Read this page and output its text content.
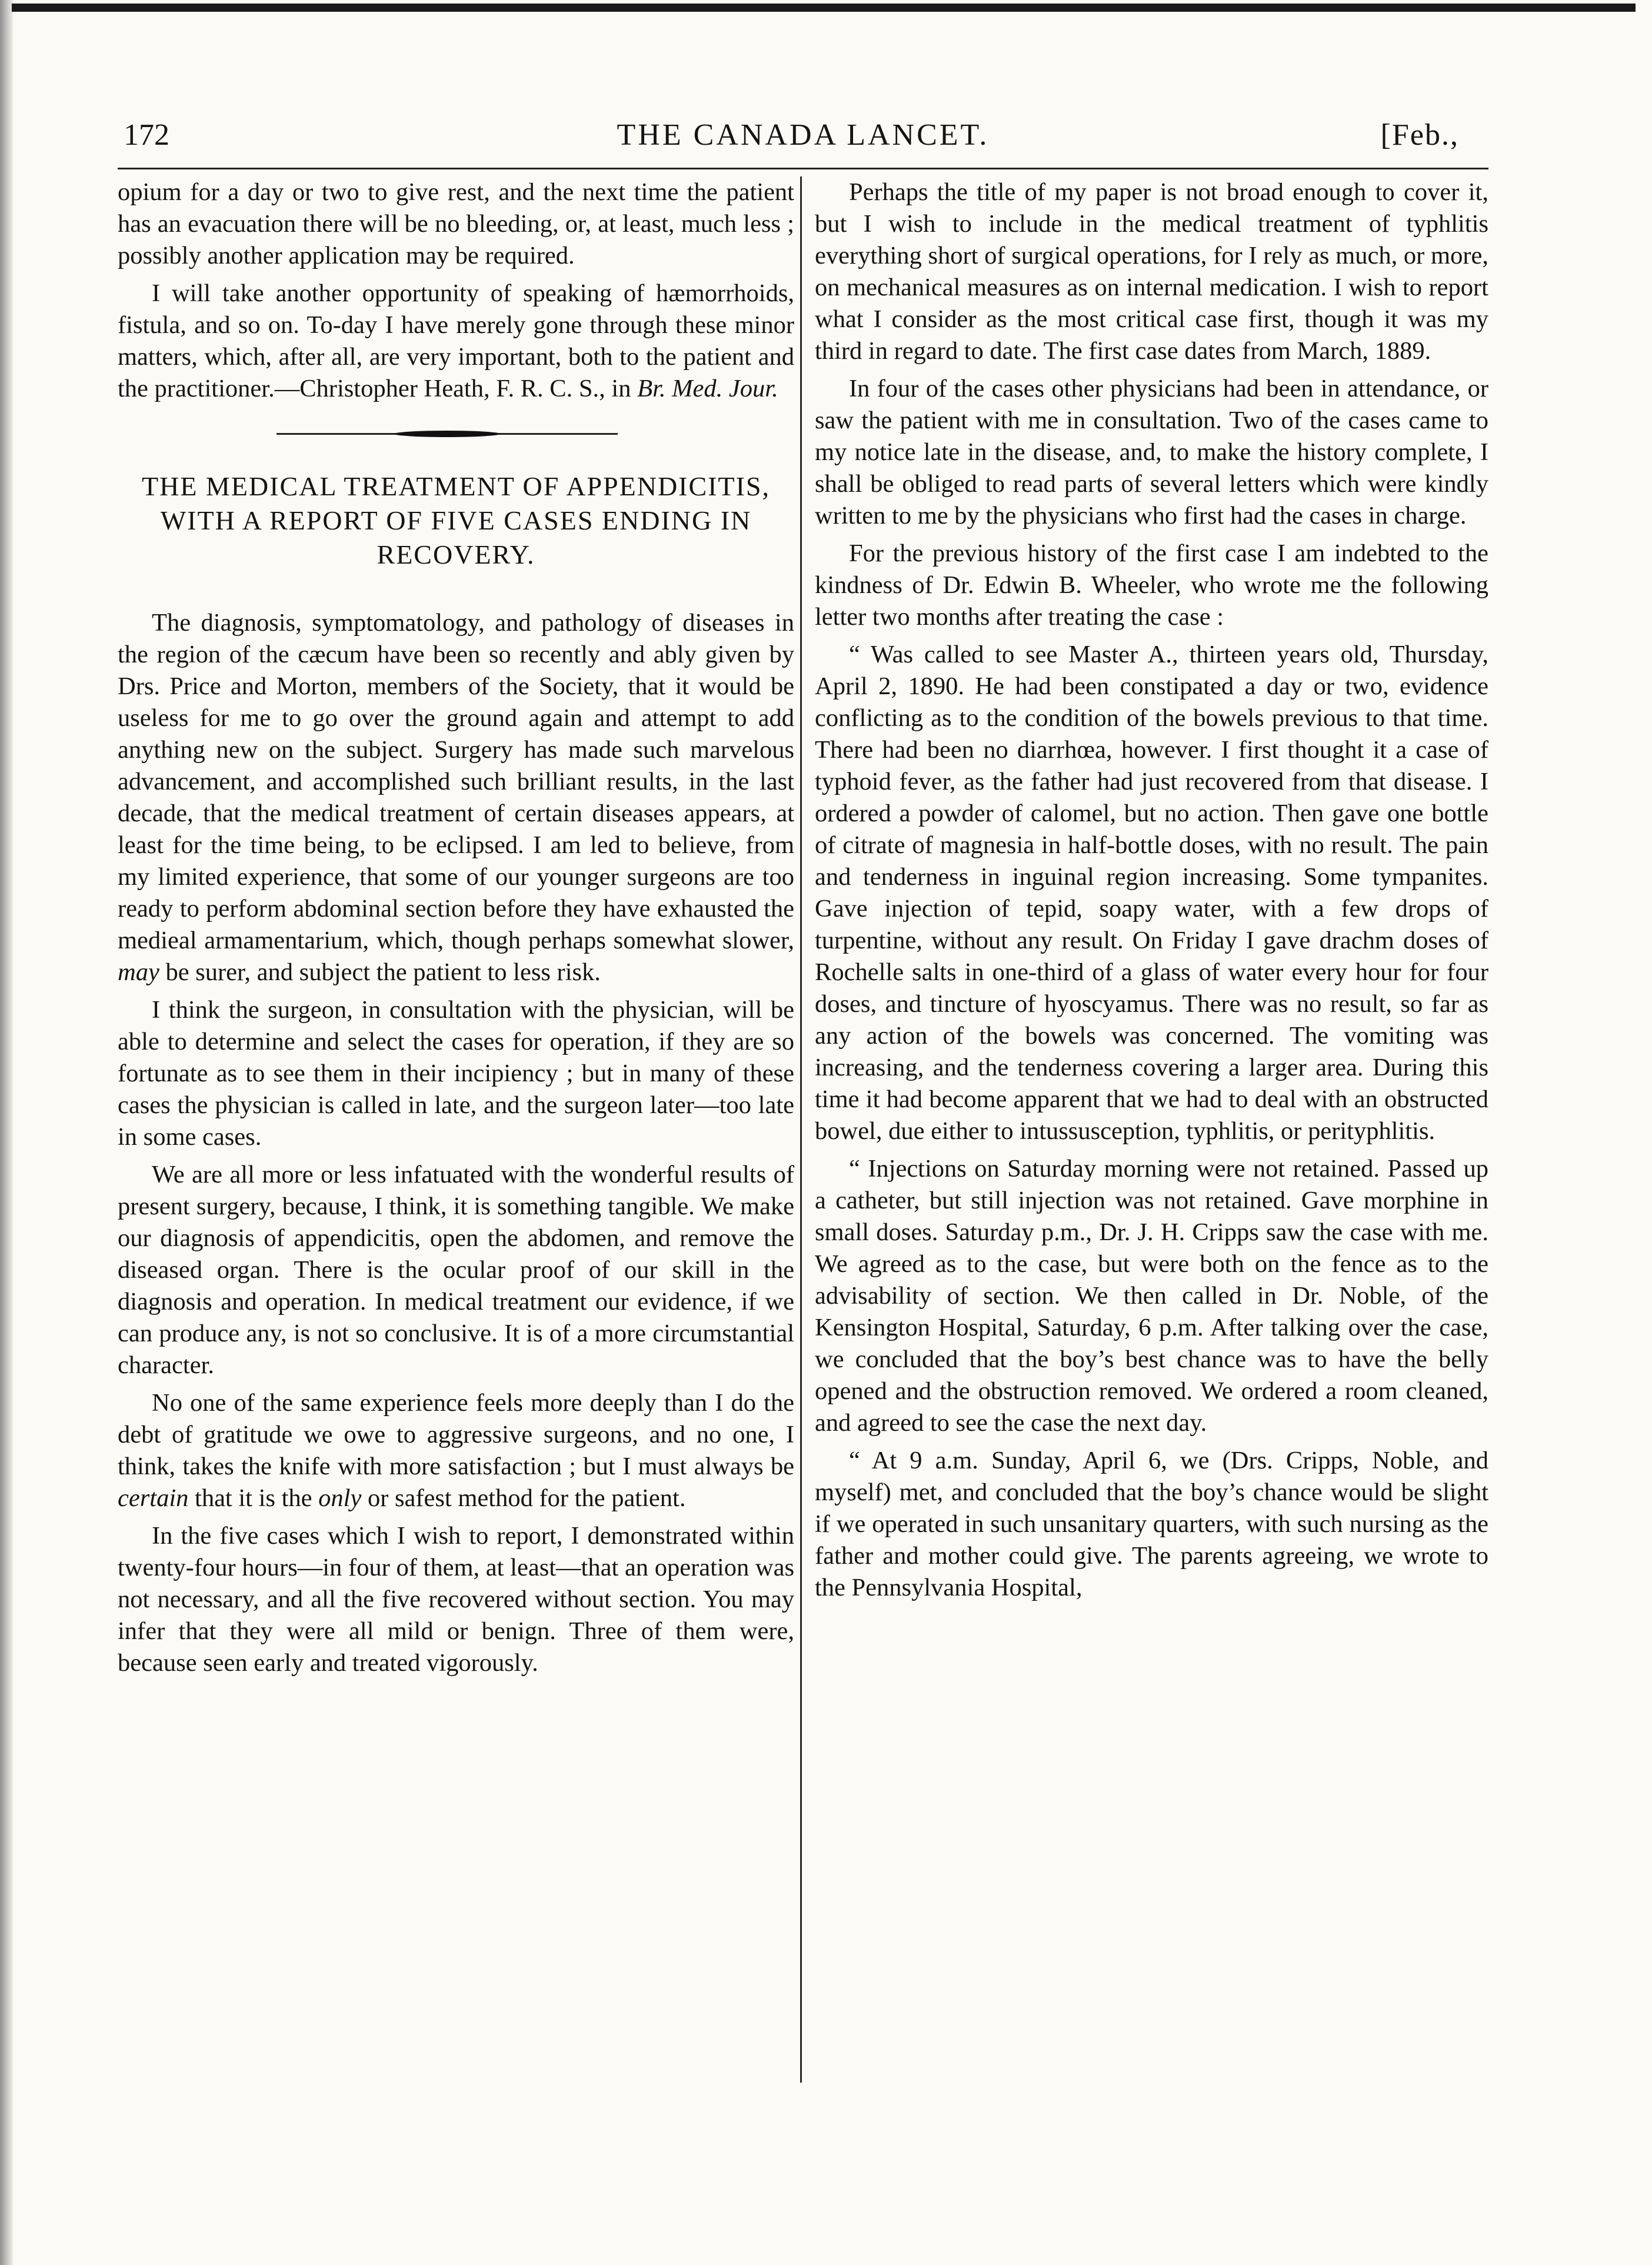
172	THE CANADA LANCET.	[Feb.,

opium for a day or two to give rest, and the next time the patient has an evacuation there will be no bleeding, or, at least, much less ; possibly another application may be required.

I will take another opportunity of speaking of hæmorrhoids, fistula, and so on. To-day I have merely gone through these minor matters, which, after all, are very important, both to the patient and the practitioner.—Christopher Heath, F. R. C. S., in Br. Med. Jour.

THE MEDICAL TREATMENT OF APPENDICITIS, WITH A REPORT OF FIVE CASES ENDING IN RECOVERY.

The diagnosis, symptomatology, and pathology of diseases in the region of the cæcum have been so recently and ably given by Drs. Price and Morton, members of the Society, that it would be useless for me to go over the ground again and attempt to add anything new on the subject. Surgery has made such marvelous advancement, and accomplished such brilliant results, in the last decade, that the medical treatment of certain diseases appears, at least for the time being, to be eclipsed. I am led to believe, from my limited experience, that some of our younger surgeons are too ready to perform abdominal section before they have exhausted the medieal armamentarium, which, though perhaps somewhat slower, may be surer, and subject the patient to less risk.

I think the surgeon, in consultation with the physician, will be able to determine and select the cases for operation, if they are so fortunate as to see them in their incipiency ; but in many of these cases the physician is called in late, and the surgeon later—too late in some cases.

We are all more or less infatuated with the wonderful results of present surgery, because, I think, it is something tangible. We make our diagnosis of appendicitis, open the abdomen, and remove the diseased organ. There is the ocular proof of our skill in the diagnosis and operation. In medical treatment our evidence, if we can produce any, is not so conclusive. It is of a more circumstantial character.

No one of the same experience feels more deeply than I do the debt of gratitude we owe to aggressive surgeons, and no one, I think, takes the knife with more satisfaction ; but I must always be certain that it is the only or safest method for the patient.

In the five cases which I wish to report, I demonstrated within twenty-four hours—in four of them, at least—that an operation was not necessary, and all the five recovered without section. You may infer that they were all mild or benign. Three of them were, because seen early and treated vigorously.

Perhaps the title of my paper is not broad enough to cover it, but I wish to include in the medical treatment of typhlitis everything short of surgical operations, for I rely as much, or more, on mechanical measures as on internal medication. I wish to report what I consider as the most critical case first, though it was my third in regard to date. The first case dates from March, 1889.

In four of the cases other physicians had been in attendance, or saw the patient with me in consultation. Two of the cases came to my notice late in the disease, and, to make the history complete, I shall be obliged to read parts of several letters which were kindly written to me by the physicians who first had the cases in charge.

For the previous history of the first case I am indebted to the kindness of Dr. Edwin B. Wheeler, who wrote me the following letter two months after treating the case :

“ Was called to see Master A., thirteen years old, Thursday, April 2, 1890. He had been constipated a day or two, evidence conflicting as to the condition of the bowels previous to that time. There had been no diarrhœa, however. I first thought it a case of typhoid fever, as the father had just recovered from that disease. I ordered a powder of calomel, but no action. Then gave one bottle of citrate of magnesia in half-bottle doses, with no result. The pain and tenderness in inguinal region increasing. Some tympanites. Gave injection of tepid, soapy water, with a few drops of turpentine, without any result. On Friday I gave drachm doses of Rochelle salts in one-third of a glass of water every hour for four doses, and tincture of hyoscyamus. There was no result, so far as any action of the bowels was concerned. The vomiting was increasing, and the tenderness covering a larger area. During this time it had become apparent that we had to deal with an obstructed bowel, due either to intussusception, typhlitis, or perityphlitis.

“ Injections on Saturday morning were not retained. Passed up a catheter, but still injection was not retained. Gave morphine in small doses. Saturday p.m., Dr. J. H. Cripps saw the case with me. We agreed as to the case, but were both on the fence as to the advisability of section. We then called in Dr. Noble, of the Kensington Hospital, Saturday, 6 p.m. After talking over the case, we concluded that the boy’s best chance was to have the belly opened and the obstruction removed. We ordered a room cleaned, and agreed to see the case the next day.

“ At 9 a.m. Sunday, April 6, we (Drs. Cripps, Noble, and myself) met, and concluded that the boy’s chance would be slight if we operated in such unsanitary quarters, with such nursing as the father and mother could give. The parents agreeing, we wrote to the Pennsylvania Hospital,
